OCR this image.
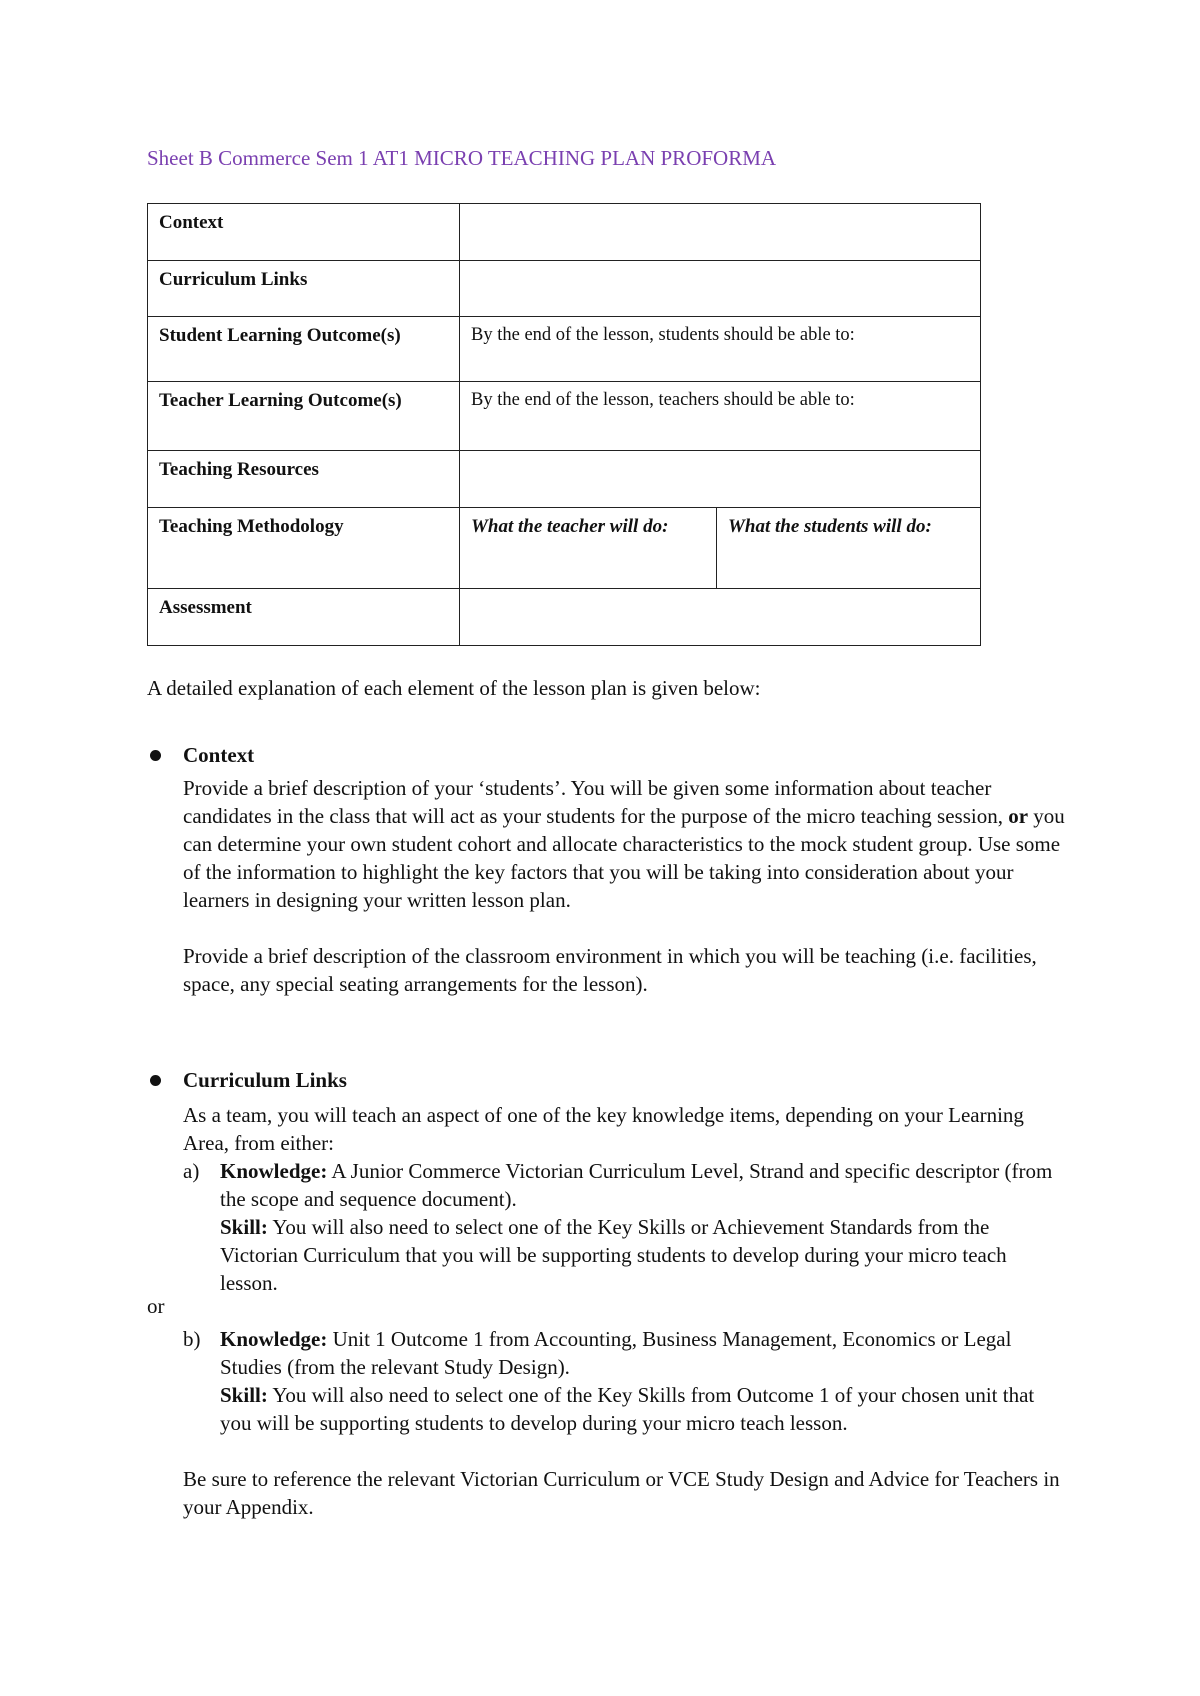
Sheet B Commerce Sem 1 AT1 MICRO TEACHING PLAN PROFORMA
Context		
Curriculum Links		
Student Learning Outcome(s)	By the end of the lesson, students should be able to:	
Teacher Learning Outcome(s)	By the end of the lesson, teachers should be able to:	
Teaching Resources		
Teaching Methodology	What the teacher will do:	What the students will do:
Assessment		
A detailed explanation of each element of the lesson plan is given below:
Context

Provide a brief description of your ‘students’. You will be given some information about teacher candidates in the class that will act as your students for the purpose of the micro teaching session, or you can determine your own student cohort and allocate characteristics to the mock student group. Use some of the information to highlight the key factors that you will be taking into consideration about your learners in designing your written lesson plan.

Provide a brief description of the classroom environment in which you will be teaching (i.e. facilities, space, any special seating arrangements for the lesson).

Curriculum Links

As a team, you will teach an aspect of one of the key knowledge items, depending on your Learning Area, from either:

a) Knowledge: A Junior Commerce Victorian Curriculum Level, Strand and specific descriptor (from the scope and sequence document).

Skill: You will also need to select one of the Key Skills or Achievement Standards from the Victorian Curriculum that you will be supporting students to develop during your micro teach lesson.

b) Knowledge: Unit 1 Outcome 1 from Accounting, Business Management, Economics or Legal Studies (from the relevant Study Design).

Skill: You will also need to select one of the Key Skills from Outcome 1 of your chosen unit that you will be supporting students to develop during your micro teach lesson.

Be sure to reference the relevant Victorian Curriculum or VCE Study Design and Advice for Teachers in your Appendix.

or
